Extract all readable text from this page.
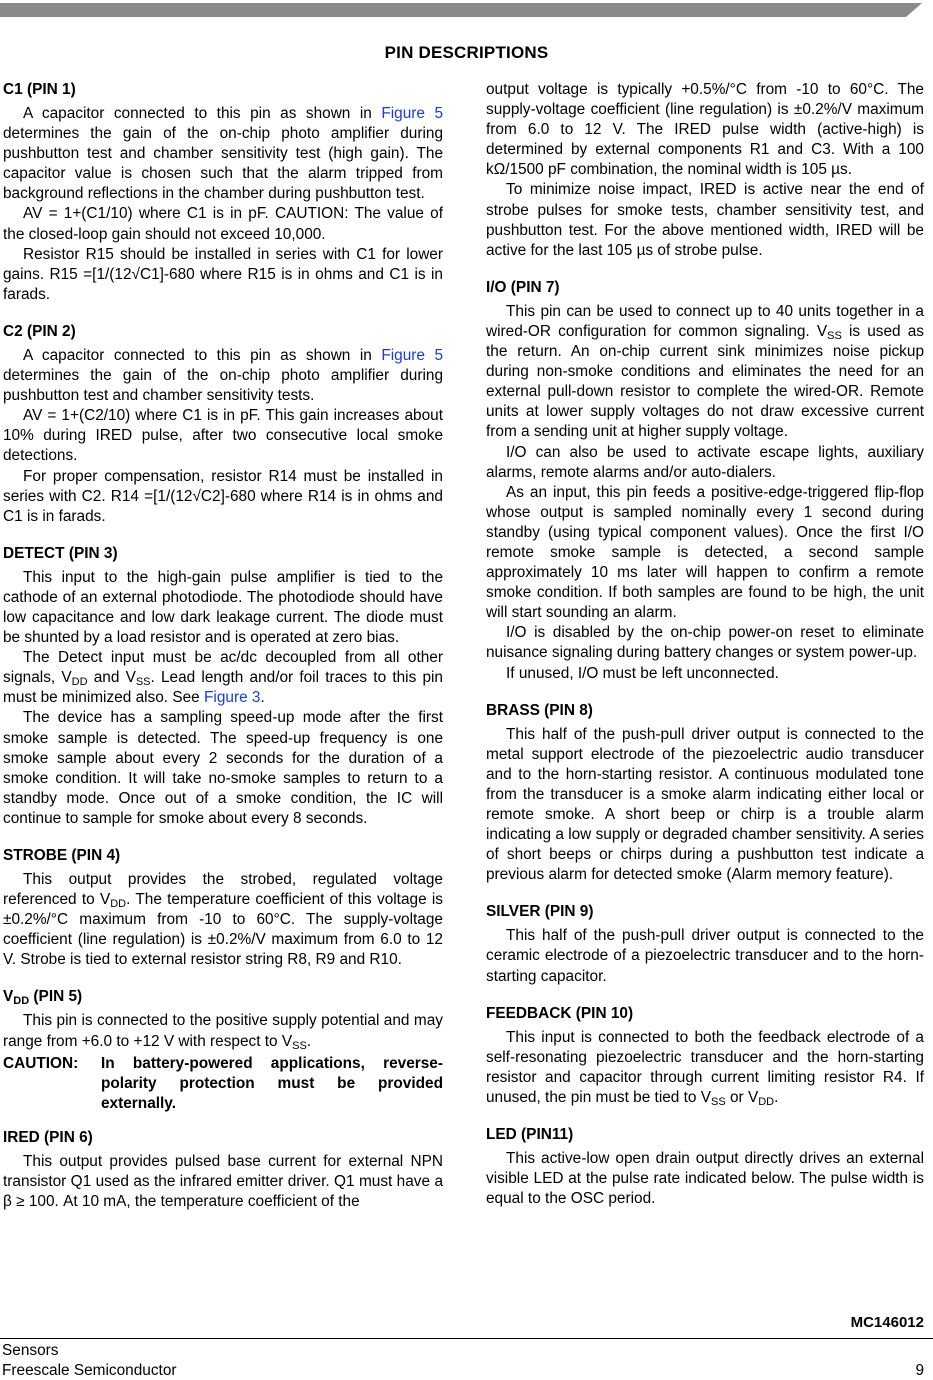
PIN DESCRIPTIONS
C1 (PIN 1)

A capacitor connected to this pin as shown in Figure 5 determines the gain of the on-chip photo amplifier during pushbutton test and chamber sensitivity test (high gain). The capacitor value is chosen such that the alarm tripped from background reflections in the chamber during pushbutton test.

AV = 1+(C1/10) where C1 is in pF. CAUTION: The value of the closed-loop gain should not exceed 10,000.

Resistor R15 should be installed in series with C1 for lower gains. R15 =[1/(12√C1]-680 where R15 is in ohms and C1 is in farads.

C2 (PIN 2)

A capacitor connected to this pin as shown in Figure 5 determines the gain of the on-chip photo amplifier during pushbutton test and chamber sensitivity tests.

AV = 1+(C2/10) where C1 is in pF. This gain increases about 10% during IRED pulse, after two consecutive local smoke detections.

For proper compensation, resistor R14 must be installed in series with C2. R14 =[1/(12√C2]-680 where R14 is in ohms and C1 is in farads.

DETECT (PIN 3)

This input to the high-gain pulse amplifier is tied to the cathode of an external photodiode. The photodiode should have low capacitance and low dark leakage current. The diode must be shunted by a load resistor and is operated at zero bias.

The Detect input must be ac/dc decoupled from all other signals, $V_{DD}$ and $V_{SS}$. Lead length and/or foil traces to this pin must be minimized also. See Figure 3.

The device has a sampling speed-up mode after the first smoke sample is detected. The speed-up frequency is one smoke sample about every 2 seconds for the duration of a smoke condition. It will take no-smoke samples to return to a standby mode. Once out of a smoke condition, the IC will continue to sample for smoke about every 8 seconds.

STROBE (PIN 4)

This output provides the strobed, regulated voltage referenced to $V_{DD}$. The temperature coefficient of this voltage is ±0.2%/°C maximum from -10 to 60°C. The supply-voltage coefficient (line regulation) is ±0.2%/V maximum from 6.0 to 12 V. Strobe is tied to external resistor string R8, R9 and R10.

$V_{DD}$ (PIN 5)

This pin is connected to the positive supply potential and may range from +6.0 to +12 V with respect to $V_{SS}$.

CAUTION:	In battery-powered applications, reverse-polarity protection must be provided externally.
IRED (PIN 6)

This output provides pulsed base current for external NPN transistor Q1 used as the infrared emitter driver. Q1 must have a β ≥ 100. At 10 mA, the temperature coefficient of the

output voltage is typically +0.5%/°C from -10 to 60°C. The supply-voltage coefficient (line regulation) is ±0.2%/V maximum from 6.0 to 12 V. The IRED pulse width (active-high) is determined by external components R1 and C3. With a 100 kΩ/1500 pF combination, the nominal width is 105 µs.

To minimize noise impact, IRED is active near the end of strobe pulses for smoke tests, chamber sensitivity test, and pushbutton test. For the above mentioned width, IRED will be active for the last 105 µs of strobe pulse.

I/O (PIN 7)

This pin can be used to connect up to 40 units together in a wired-OR configuration for common signaling. $V_{SS}$ is used as the return. An on-chip current sink minimizes noise pickup during non-smoke conditions and eliminates the need for an external pull-down resistor to complete the wired-OR. Remote units at lower supply voltages do not draw excessive current from a sending unit at higher supply voltage.

I/O can also be used to activate escape lights, auxiliary alarms, remote alarms and/or auto-dialers.

As an input, this pin feeds a positive-edge-triggered flip-flop whose output is sampled nominally every 1 second during standby (using typical component values). Once the first I/O remote smoke sample is detected, a second sample approximately 10 ms later will happen to confirm a remote smoke condition. If both samples are found to be high, the unit will start sounding an alarm.

I/O is disabled by the on-chip power-on reset to eliminate nuisance signaling during battery changes or system power-up.

If unused, I/O must be left unconnected.

BRASS (PIN 8)

This half of the push-pull driver output is connected to the metal support electrode of the piezoelectric audio transducer and to the horn-starting resistor. A continuous modulated tone from the transducer is a smoke alarm indicating either local or remote smoke. A short beep or chirp is a trouble alarm indicating a low supply or degraded chamber sensitivity. A series of short beeps or chirps during a pushbutton test indicate a previous alarm for detected smoke (Alarm memory feature).

SILVER (PIN 9)

This half of the push-pull driver output is connected to the ceramic electrode of a piezoelectric transducer and to the horn-starting capacitor.

FEEDBACK (PIN 10)

This input is connected to both the feedback electrode of a self-resonating piezoelectric transducer and the horn-starting resistor and capacitor through current limiting resistor R4. If unused, the pin must be tied to $V_{SS}$ or $V_{DD}$.

LED (PIN11)

This active-low open drain output directly drives an external visible LED at the pulse rate indicated below. The pulse width is equal to the OSC period.

MC146012
Sensors
Freescale Semiconductor	9
